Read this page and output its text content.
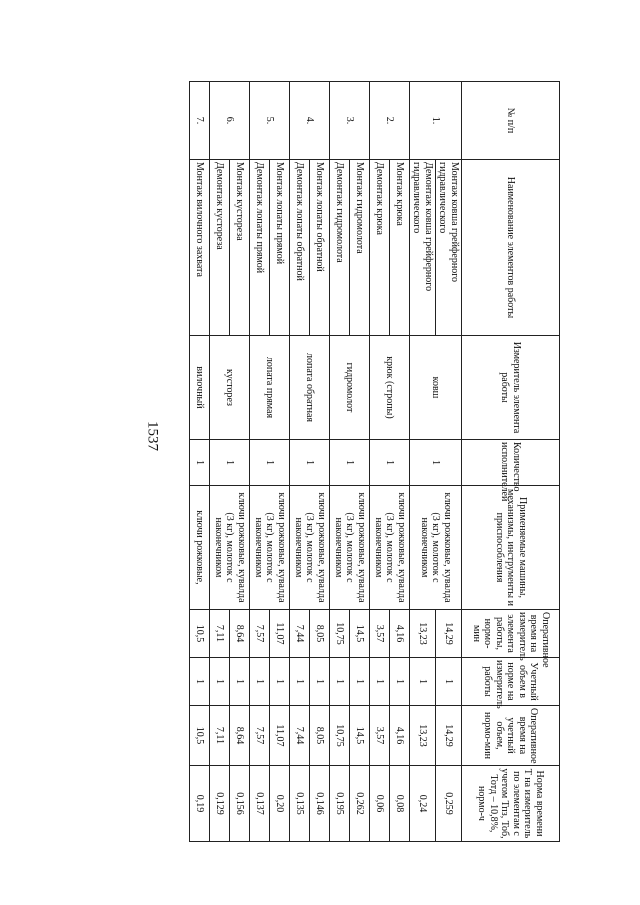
1537
№ п/п	Наименование элементов работы	Измеритель элемента работы	Количество исполнителей	Применяемые машины, механизмы, инструменты и приспособления	Оперативное время на измеритель элемента работы, нормо-мин	Учетный объем в норме на измеритель работы	Оперативное время на учетный объем, нормо-мин	Норма времени Т на измеритель по элементам с учетом Тпз, Тоб, Тотд – 10,8%, нормо-ч
1.	Монтаж ковша грейферного гидравлического	ковш	1	ключи рожковые, кувалда (3 кг), молоток с наконечником	14,29	1	14,29	0,259
	Демонтаж ковша грейферного гидравлического				13,23	1	13,23	0,24
2.	Монтаж крюка	крюк (стропы)	1	ключи рожковые, кувалда (3 кг), молоток с наконечником	4,16	1	4,16	0,08
	Демонтаж крюка				3,57	1	3,57	0,06
3.	Монтаж гидромолота	гидромолот	1	ключи рожковые, кувалда (3 кг), молоток с наконечником	14,5	1	14,5	0,262
	Демонтаж гидромолота				10,75	1	10,75	0,195
4.	Монтаж лопаты обратной	лопата обратная	1	ключи рожковые, кувалда (3 кг), молоток с наконечником	8,05	1	8,05	0,146
	Демонтаж лопаты обратной				7,44	1	7,44	0,135
5.	Монтаж лопаты прямой	лопата прямая	1	ключи рожковые, кувалда (3 кг), молоток с наконечником	11,07	1	11,07	0,20
	Демонтаж лопаты прямой				7,57	1	7,57	0,137
6.	Монтаж кустореза	кусторез	1	ключи рожковые, кувалда (3 кг), молоток с наконечником	8,64	1	8,64	0,156
	Демонтаж кустореза				7,11	1	7,11	0,129
7.	Монтаж вилочного захвата	вилочный	1	ключи рожковые,	10,5	1	10,5	0,19
